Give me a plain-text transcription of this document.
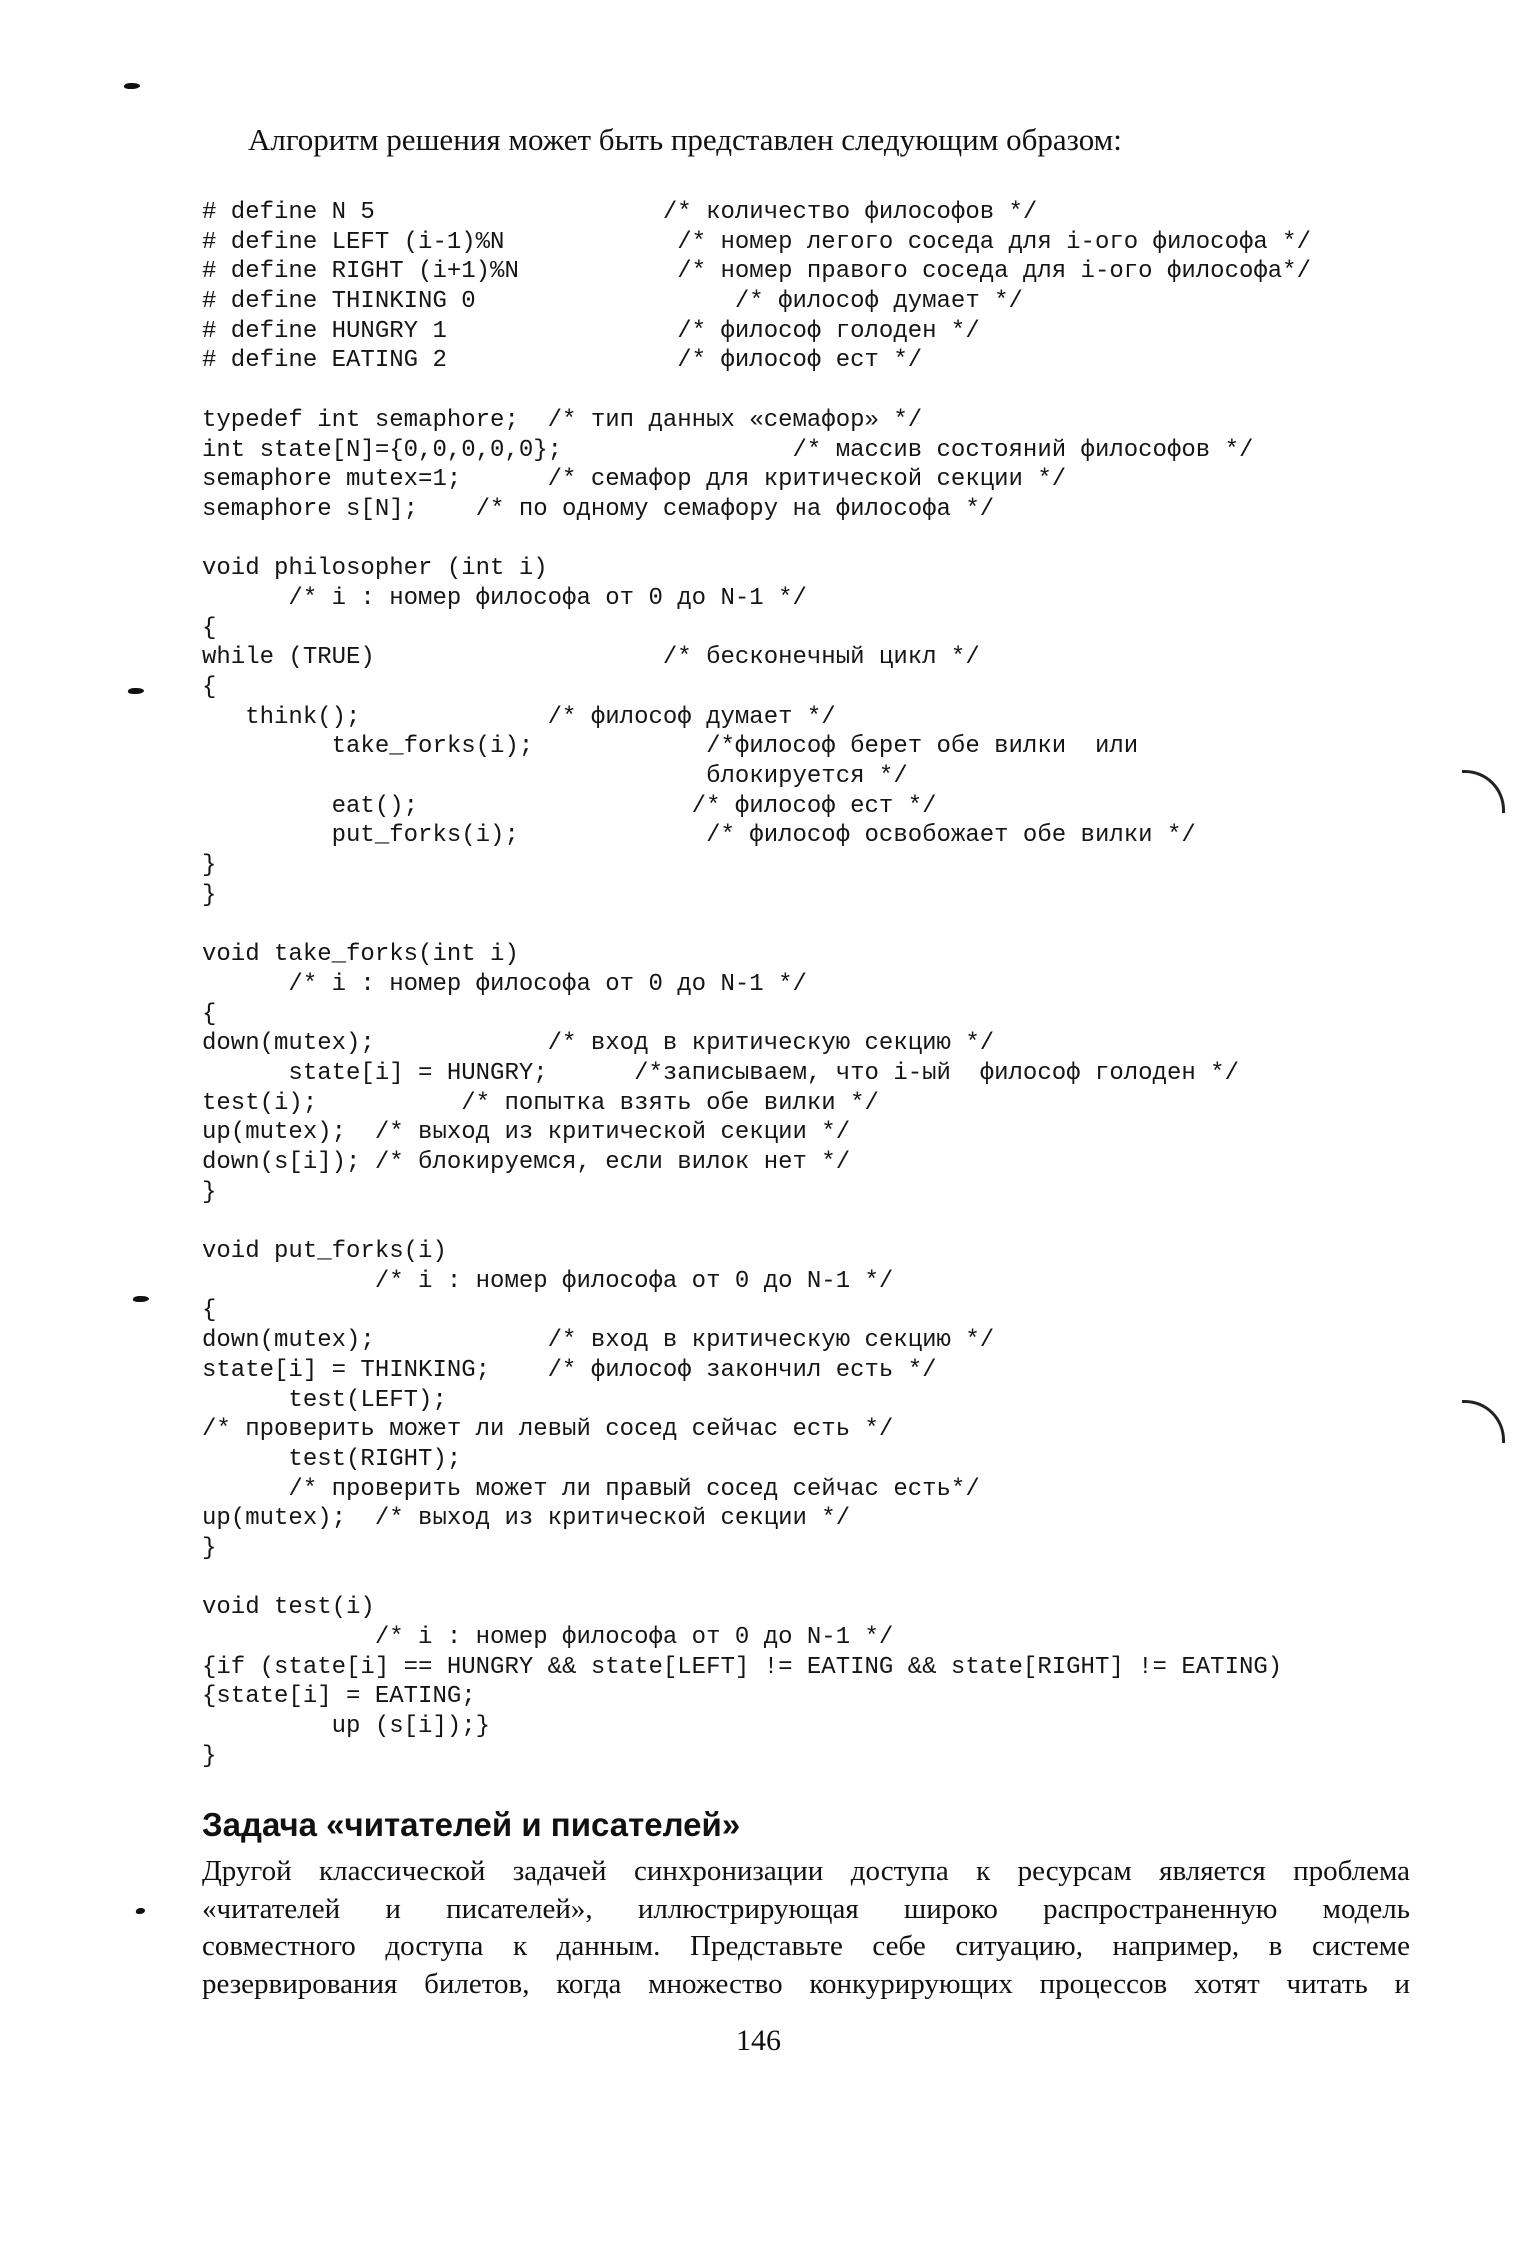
Алгоритм решения может быть представлен следующим образом:
# define N 5                    /* количество философов */
# define LEFT (i-1)%N            /* номер легого соседа для i-ого философа */
# define RIGHT (i+1)%N           /* номер правого соседа для i-ого философа*/
# define THINKING 0                  /* философ думает */
# define HUNGRY 1                /* философ голоден */
# define EATING 2                /* философ ест */
typedef int semaphore;  /* тип данных «семафор» */
int state[N]={0,0,0,0,0};                /* массив состояний философов */
semaphore mutex=1;      /* семафор для критической секции */
semaphore s[N];    /* по одному семафору на философа */
void philosopher (int i)
/* i : номер философа от 0 до N-1 */
{
while (TRUE)                    /* бесконечный цикл */
{
think();             /* философ думает */
take_forks(i);            /*философ берет обе вилки  или
блокируется */
eat();                   /* философ ест */
put_forks(i);             /* философ освобожает обе вилки */
}
}
void take_forks(int i)
/* i : номер философа от 0 до N-1 */
{
down(mutex);            /* вход в критическую секцию */
state[i] = HUNGRY;      /*записываем, что i-ый  философ голоден */
test(i);          /* попытка взять обе вилки */
up(mutex);  /* выход из критической секции */
down(s[i]); /* блокируемся, если вилок нет */
}
void put_forks(i)
/* i : номер философа от 0 до N-1 */
{
down(mutex);            /* вход в критическую секцию */
state[i] = THINKING;    /* философ закончил есть */
test(LEFT);
/* проверить может ли левый сосед сейчас есть */
test(RIGHT);
/* проверить может ли правый сосед сейчас есть*/
up(mutex);  /* выход из критической секции */
}
void test(i)
/* i : номер философа от 0 до N-1 */
{if (state[i] == HUNGRY && state[LEFT] != EATING && state[RIGHT] != EATING)
{state[i] = EATING;
up (s[i]);}
}
Задача «читателей и писателей»
Другой классической задачей синхронизации доступа к ресурсам является проблема
«читателей и писателей», иллюстрирующая широко распространенную модель
совместного доступа к данным. Представьте себе ситуацию, например, в системе
резервирования билетов, когда множество конкурирующих процессов хотят читать и
146
